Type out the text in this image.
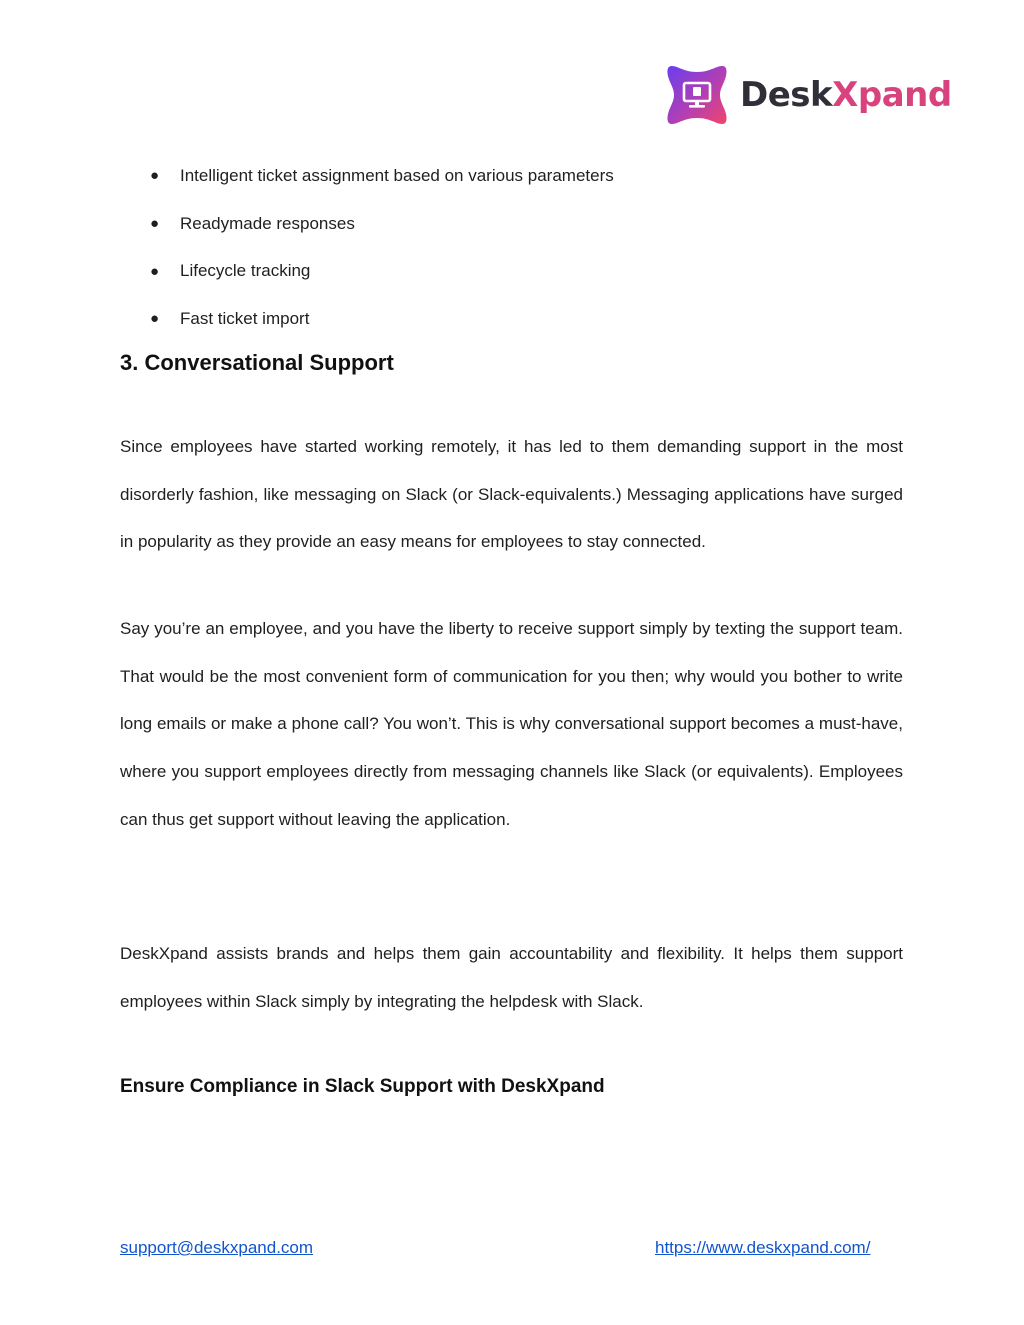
DeskXpand
●	Intelligent ticket assignment based on various parameters
●	Readymade responses
●	Lifecycle tracking
●	Fast ticket import
3. Conversational Support

Since employees have started working remotely, it has led to them demanding support in the most disorderly fashion, like messaging on Slack (or Slack-equivalents.) Messaging applications have surged in popularity as they provide an easy means for employees to stay connected.

Say you’re an employee, and you have the liberty to receive support simply by texting the support team. That would be the most convenient form of communication for you then; why would you bother to write long emails or make a phone call? You won’t. This is why conversational support becomes a must-have, where you support employees directly from messaging channels like Slack (or equivalents). Employees can thus get support without leaving the application.

DeskXpand assists brands and helps them gain accountability and flexibility. It helps them support employees within Slack simply by integrating the helpdesk with Slack.

Ensure Compliance in Slack Support with DeskXpand
support@deskxpand.com	https://www.deskxpand.com/
